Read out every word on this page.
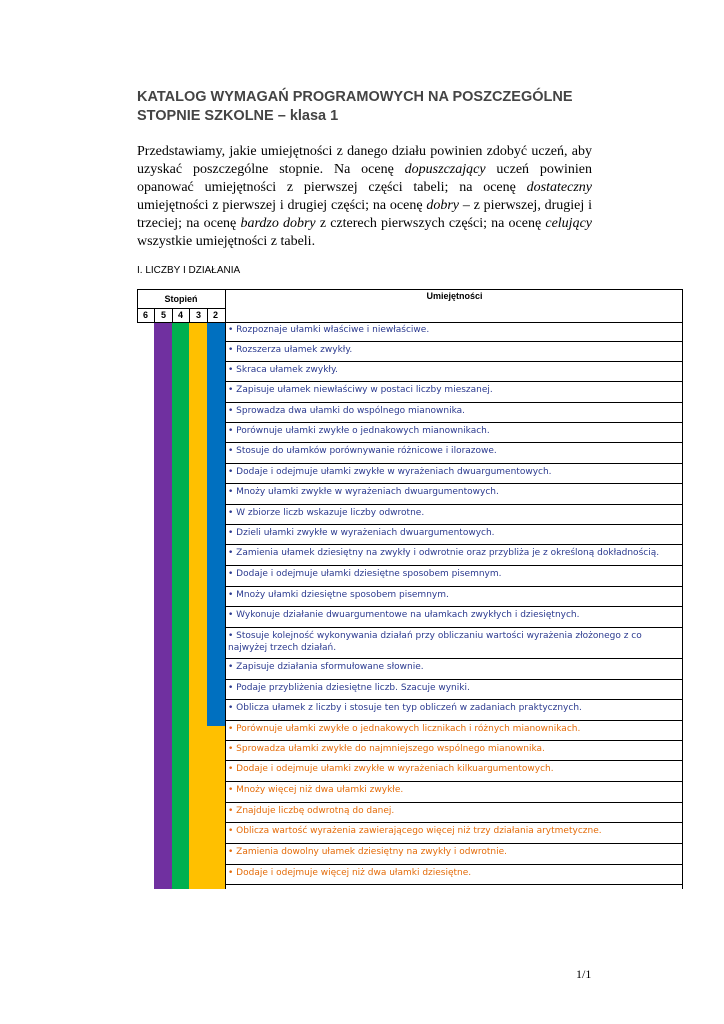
KATALOG WYMAGAŃ PROGRAMOWYCH NA POSZCZEGÓLNE
STOPNIE SZKOLNE – klasa 1
Przedstawiamy, jakie umiejętności z danego działu powinien zdobyć uczeń, aby uzyskać poszczególne stopnie. Na ocenę dopuszczający uczeń powinien opanować umiejętności z pierwszej części tabeli; na ocenę dostateczny umiejętności z pierwszej i drugiej części; na ocenę dobry – z pierwszej, drugiej i trzeciej; na ocenę bardzo dobry z czterech pierwszych części; na ocenę celujący wszystkie umiejętności z tabeli.
I. LICZBY I DZIAŁANIA
Stopień	Umiejętności
6	5	4	3	2
• Rozpoznaje ułamki właściwe i niewłaściwe.
• Rozszerza ułamek zwykły.
• Skraca ułamek zwykły.
• Zapisuje ułamek niewłaściwy w postaci liczby mieszanej.
• Sprowadza dwa ułamki do wspólnego mianownika.
• Porównuje ułamki zwykłe o jednakowych mianownikach.
• Stosuje do ułamków porównywanie różnicowe i ilorazowe.
• Dodaje i odejmuje ułamki zwykłe w wyrażeniach dwuargumentowych.
• Mnoży ułamki zwykłe w wyrażeniach dwuargumentowych.
• W zbiorze liczb wskazuje liczby odwrotne.
• Dzieli ułamki zwykłe w wyrażeniach dwuargumentowych.
• Zamienia ułamek dziesiętny na zwykły i odwrotnie oraz przybliża je z określoną dokładnością.
• Dodaje i odejmuje ułamki dziesiętne sposobem pisemnym.
• Mnoży ułamki dziesiętne sposobem pisemnym.
• Wykonuje działanie dwuargumentowe na ułamkach zwykłych i dziesiętnych.
• Stosuje kolejność wykonywania działań przy obliczaniu wartości wyrażenia złożonego z co najwyżej trzech działań.
• Zapisuje działania sformułowane słownie.
• Podaje przybliżenia dziesiętne liczb. Szacuje wyniki.
• Oblicza ułamek z liczby i stosuje ten typ obliczeń w zadaniach praktycznych.
• Porównuje ułamki zwykłe o jednakowych licznikach i różnych mianownikach.
• Sprowadza ułamki zwykłe do najmniejszego wspólnego mianownika.
• Dodaje i odejmuje ułamki zwykłe w wyrażeniach kilkuargumentowych.
• Mnoży więcej niż dwa ułamki zwykłe.
• Znajduje liczbę odwrotną do danej.
• Oblicza wartość wyrażenia zawierającego więcej niż trzy działania arytmetyczne.
• Zamienia dowolny ułamek dziesiętny na zwykły i odwrotnie.
• Dodaje i odejmuje więcej niż dwa ułamki dziesiętne.
1/1
